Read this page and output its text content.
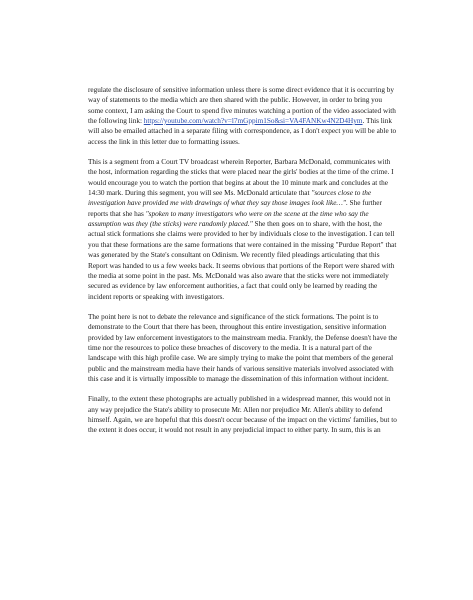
regulate the disclosure of sensitive information unless there is some direct evidence that it is occurring by way of statements to the media which are then shared with the public. However, in order to bring you some context, I am asking the Court to spend five minutes watching a portion of the video associated with the following link: https://youtube.com/watch?v=l7mGppim1So&si=VA4FANKw4N2D4Hym. This link will also be emailed attached in a separate filing with correspondence, as I don't expect you will be able to access the link in this letter due to formatting issues.

This is a segment from a Court TV broadcast wherein Reporter, Barbara McDonald, communicates with the host, information regarding the sticks that were placed near the girls' bodies at the time of the crime. I would encourage you to watch the portion that begins at about the 10 minute mark and concludes at the 14:30 mark. During this segment, you will see Ms. McDonald articulate that "sources close to the investigation have provided me with drawings of what they say those images look like…". She further reports that she has "spoken to many investigators who were on the scene at the time who say the assumption was they (the sticks) were randomly placed." She then goes on to share, with the host, the actual stick formations she claims were provided to her by individuals close to the investigation. I can tell you that these formations are the same formations that were contained in the missing "Purdue Report" that was generated by the State's consultant on Odinism. We recently filed pleadings articulating that this Report was handed to us a few weeks back. It seems obvious that portions of the Report were shared with the media at some point in the past. Ms. McDonald was also aware that the sticks were not immediately secured as evidence by law enforcement authorities, a fact that could only be learned by reading the incident reports or speaking with investigators.

The point here is not to debate the relevance and significance of the stick formations. The point is to demonstrate to the Court that there has been, throughout this entire investigation, sensitive information provided by law enforcement investigators to the mainstream media. Frankly, the Defense doesn't have the time nor the resources to police these breaches of discovery to the media. It is a natural part of the landscape with this high profile case. We are simply trying to make the point that members of the general public and the mainstream media have their hands of various sensitive materials involved associated with this case and it is virtually impossible to manage the dissemination of this information without incident.

Finally, to the extent these photographs are actually published in a widespread manner, this would not in any way prejudice the State's ability to prosecute Mr. Allen nor prejudice Mr. Allen's ability to defend himself. Again, we are hopeful that this doesn't occur because of the impact on the victims' families, but to the extent it does occur, it would not result in any prejudicial impact to either party. In sum, this is an
